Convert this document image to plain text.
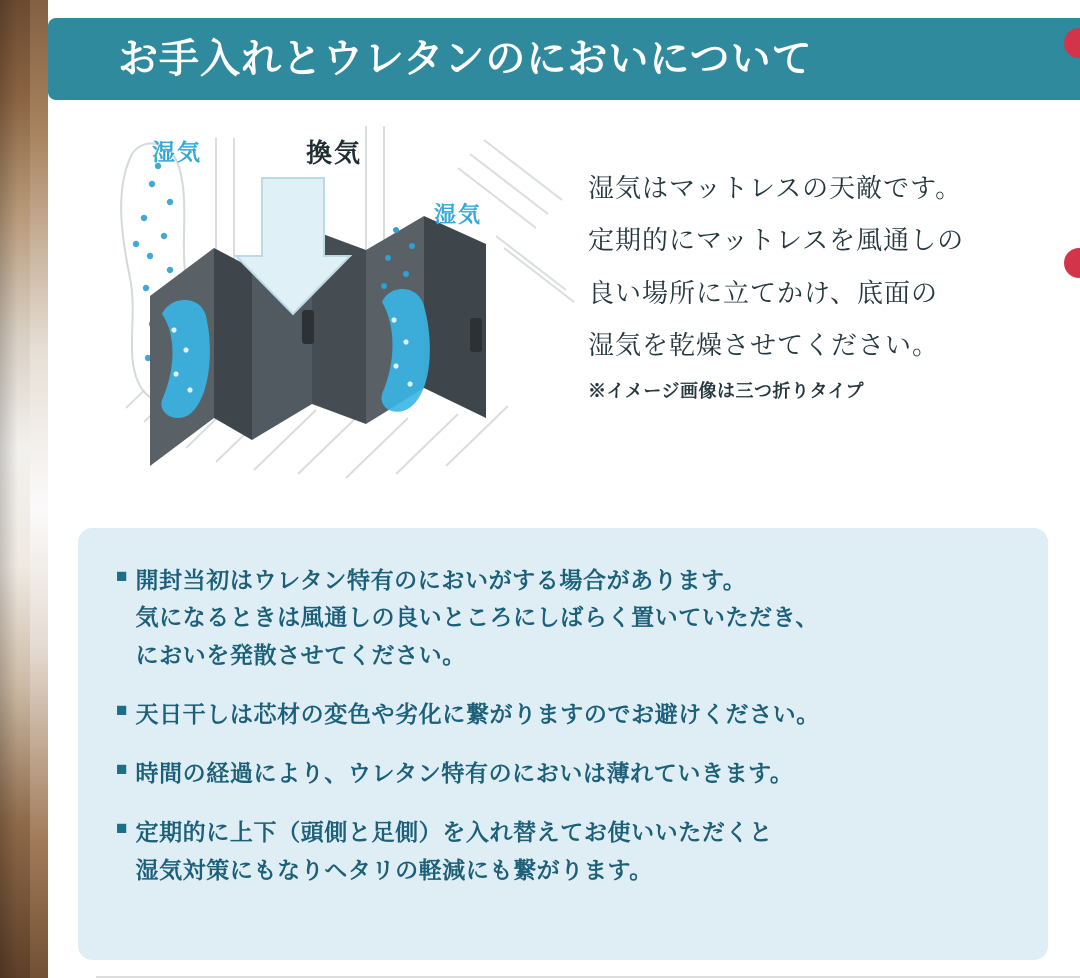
お手入れとウレタンのにおいについて
湿気	換気
湿気

湿気はマットレスの天敵です。

定期的にマットレスを風通しの

良い場所に立てかけ、底面の

湿気を乾燥させてください。

※イメージ画像は三つ折りタイプ
■ 開封当初はウレタン特有のにおいがする場合があります。
気になるときは風通しの良いところにしばらく置いていただき、
においを発散させてください。
■ 天日干しは芯材の変色や劣化に繋がりますのでお避けください。
■ 時間の経過により、ウレタン特有のにおいは薄れていきます。
■ 定期的に上下（頭側と足側）を入れ替えてお使いいただくと
湿気対策にもなりヘタリの軽減にも繋がります。
